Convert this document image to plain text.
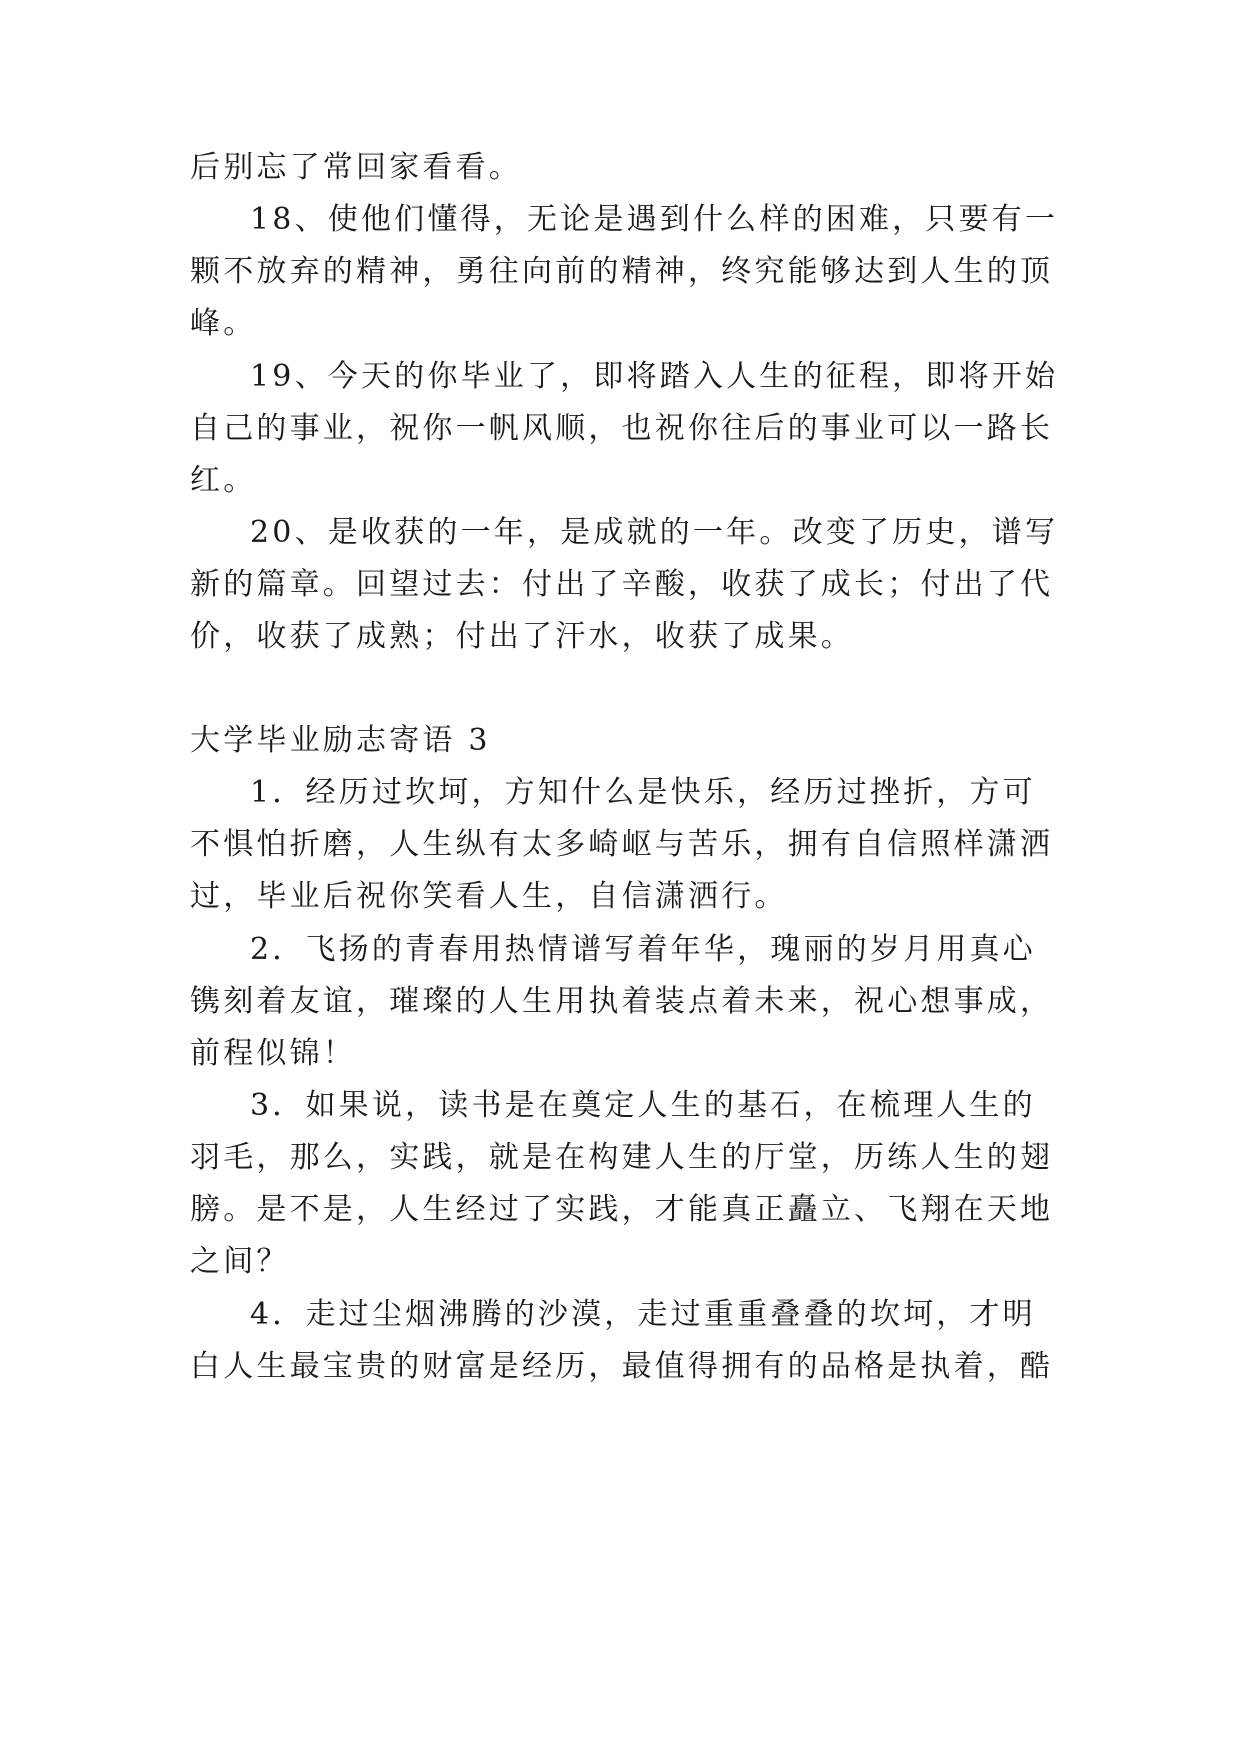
后别忘了常回家看看。
18、使他们懂得，无论是遇到什么样的困难，只要有一
颗不放弃的精神，勇往向前的精神，终究能够达到人生的顶
峰。
19、今天的你毕业了，即将踏入人生的征程，即将开始
自己的事业，祝你一帆风顺，也祝你往后的事业可以一路长
红。
20、是收获的一年，是成就的一年。改变了历史，谱写
新的篇章。回望过去：付出了辛酸，收获了成长；付出了代
价，收获了成熟；付出了汗水，收获了成果。
大学毕业励志寄语 3
1．经历过坎坷，方知什么是快乐，经历过挫折，方可
不惧怕折磨，人生纵有太多崎岖与苦乐，拥有自信照样潇洒
过，毕业后祝你笑看人生，自信潇洒行。
2．飞扬的青春用热情谱写着年华，瑰丽的岁月用真心
镌刻着友谊，璀璨的人生用执着装点着未来，祝心想事成，
前程似锦！
3．如果说，读书是在奠定人生的基石，在梳理人生的
羽毛，那么，实践，就是在构建人生的厅堂，历练人生的翅
膀。是不是，人生经过了实践，才能真正矗立、飞翔在天地
之间？
4．走过尘烟沸腾的沙漠，走过重重叠叠的坎坷，才明
白人生最宝贵的财富是经历，最值得拥有的品格是执着，酷
